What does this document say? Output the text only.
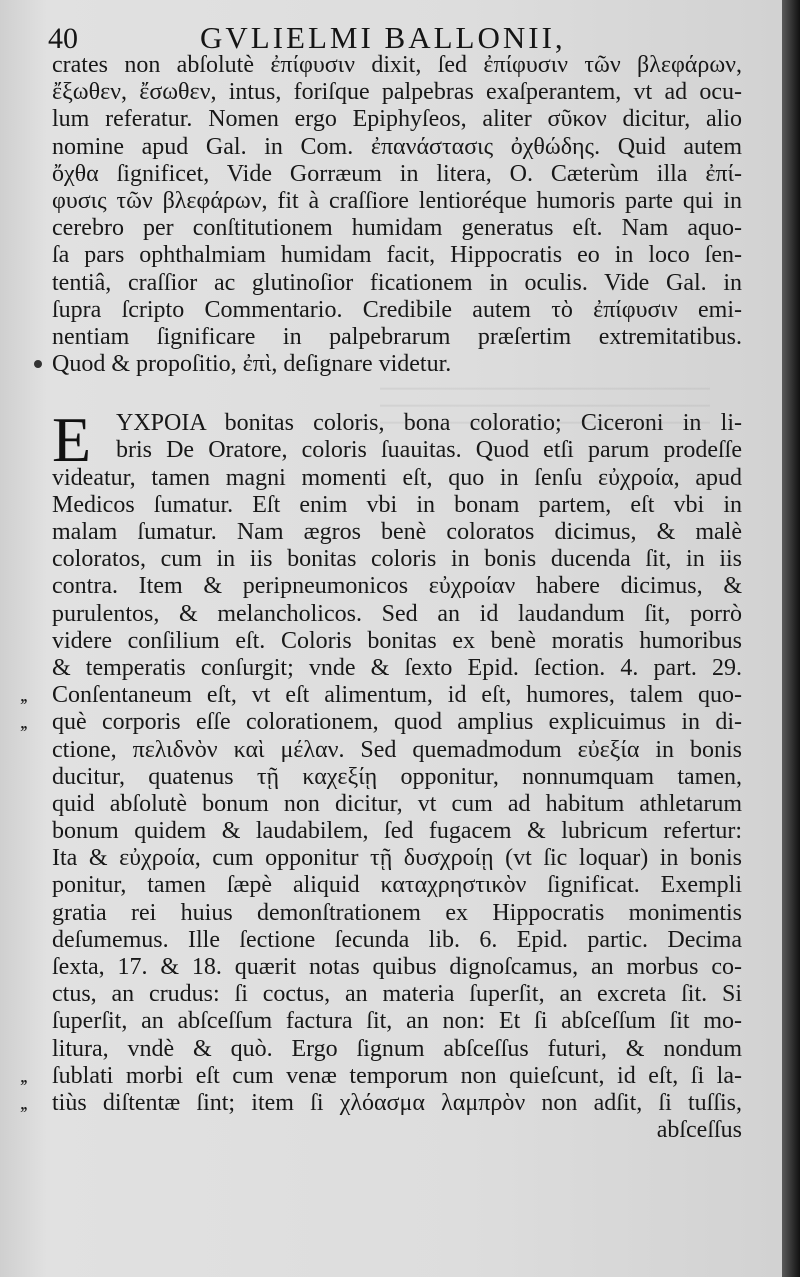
40	GVLIELMI BALLONII,
crates non abſolutè ἐπίφυσιν dixit, ſed ἐπίφυσιν τῶν βλεφάρων,
ἔξωθεν, ἔσωθεν, intus, foriſque palpebras exaſperantem, vt ad ocu-
lum referatur. Nomen ergo Epiphyſeos, aliter σῦκον dicitur, alio
nomine apud Gal. in Com. ἐπανάστασις ὀχθώδης. Quid autem
ὄχθα ſignificet, Vide Gorræum in litera, O. Cæterùm illa ἐπί-
φυσις τῶν βλεφάρων, fit à craſſiore lentioréque humoris parte qui in
cerebro per conſtitutionem humidam generatus eſt. Nam aquo-
ſa pars ophthalmiam humidam facit, Hippocratis eo in loco ſen-
tentiâ, craſſior ac glutinoſior ficationem in oculis. Vide Gal. in
ſupra ſcripto Commentario. Credibile autem τὸ ἐπίφυσιν emi-
nentiam ſignificare in palpebrarum præſertim extremitatibus.
Quod & propoſitio, ἐπὶ, deſignare videtur.
E ΥΧΡΟΙΑ bonitas coloris, bona coloratio; Ciceroni in li-
bris De Oratore, coloris ſuauitas. Quod etſi parum prodeſſe
videatur, tamen magni momenti eſt, quo in ſenſu εὐχροία, apud
Medicos ſumatur. Eſt enim vbi in bonam partem, eſt vbi in
malam ſumatur. Nam ægros benè coloratos dicimus, & malè
coloratos, cum in iis bonitas coloris in bonis ducenda ſit, in iis
contra. Item & peripneumonicos εὐχροίαν habere dicimus, &
purulentos, & melancholicos. Sed an id laudandum ſit, porrò
videre conſilium eſt. Coloris bonitas ex benè moratis humoribus
& temperatis conſurgit; vnde & ſexto Epid. ſection. 4. part. 29.
,, Conſentaneum eſt, vt eſt alimentum, id eſt, humores, talem quo-
,, què corporis eſſe colorationem, quod amplius explicuimus in di-
ctione, πελιδνὸν καὶ μέλαν. Sed quemadmodum εὐεξία in bonis
ducitur, quatenus τῇ καχεξίῃ opponitur, nonnumquam tamen,
quid abſolutè bonum non dicitur, vt cum ad habitum athletarum
bonum quidem & laudabilem, ſed fugacem & lubricum refertur:
Ita & εὐχροία, cum opponitur τῇ δυσχροίῃ (vt ſic loquar) in bonis
ponitur, tamen ſæpè aliquid καταχρηστικὸν ſignificat. Exempli
gratia rei huius demonſtrationem ex Hippocratis monimentis
deſumemus. Ille ſectione ſecunda lib. 6. Epid. partic. Decima
ſexta, 17. & 18. quærit notas quibus dignoſcamus, an morbus co-
ctus, an crudus: ſi coctus, an materia ſuperſit, an excreta ſit. Si
ſuperſit, an abſceſſum factura ſit, an non: Et ſi abſceſſum ſit mo-
litura, vndè & quò. Ergo ſignum abſceſſus futuri, & nondum
,, ſublati morbi eſt cum venæ temporum non quieſcunt, id eſt, ſi la-
,, tiùs diſtentæ ſint; item ſi χλόασμα λαμπρὸν non adſit, ſi tuſſis,
abſceſſus
